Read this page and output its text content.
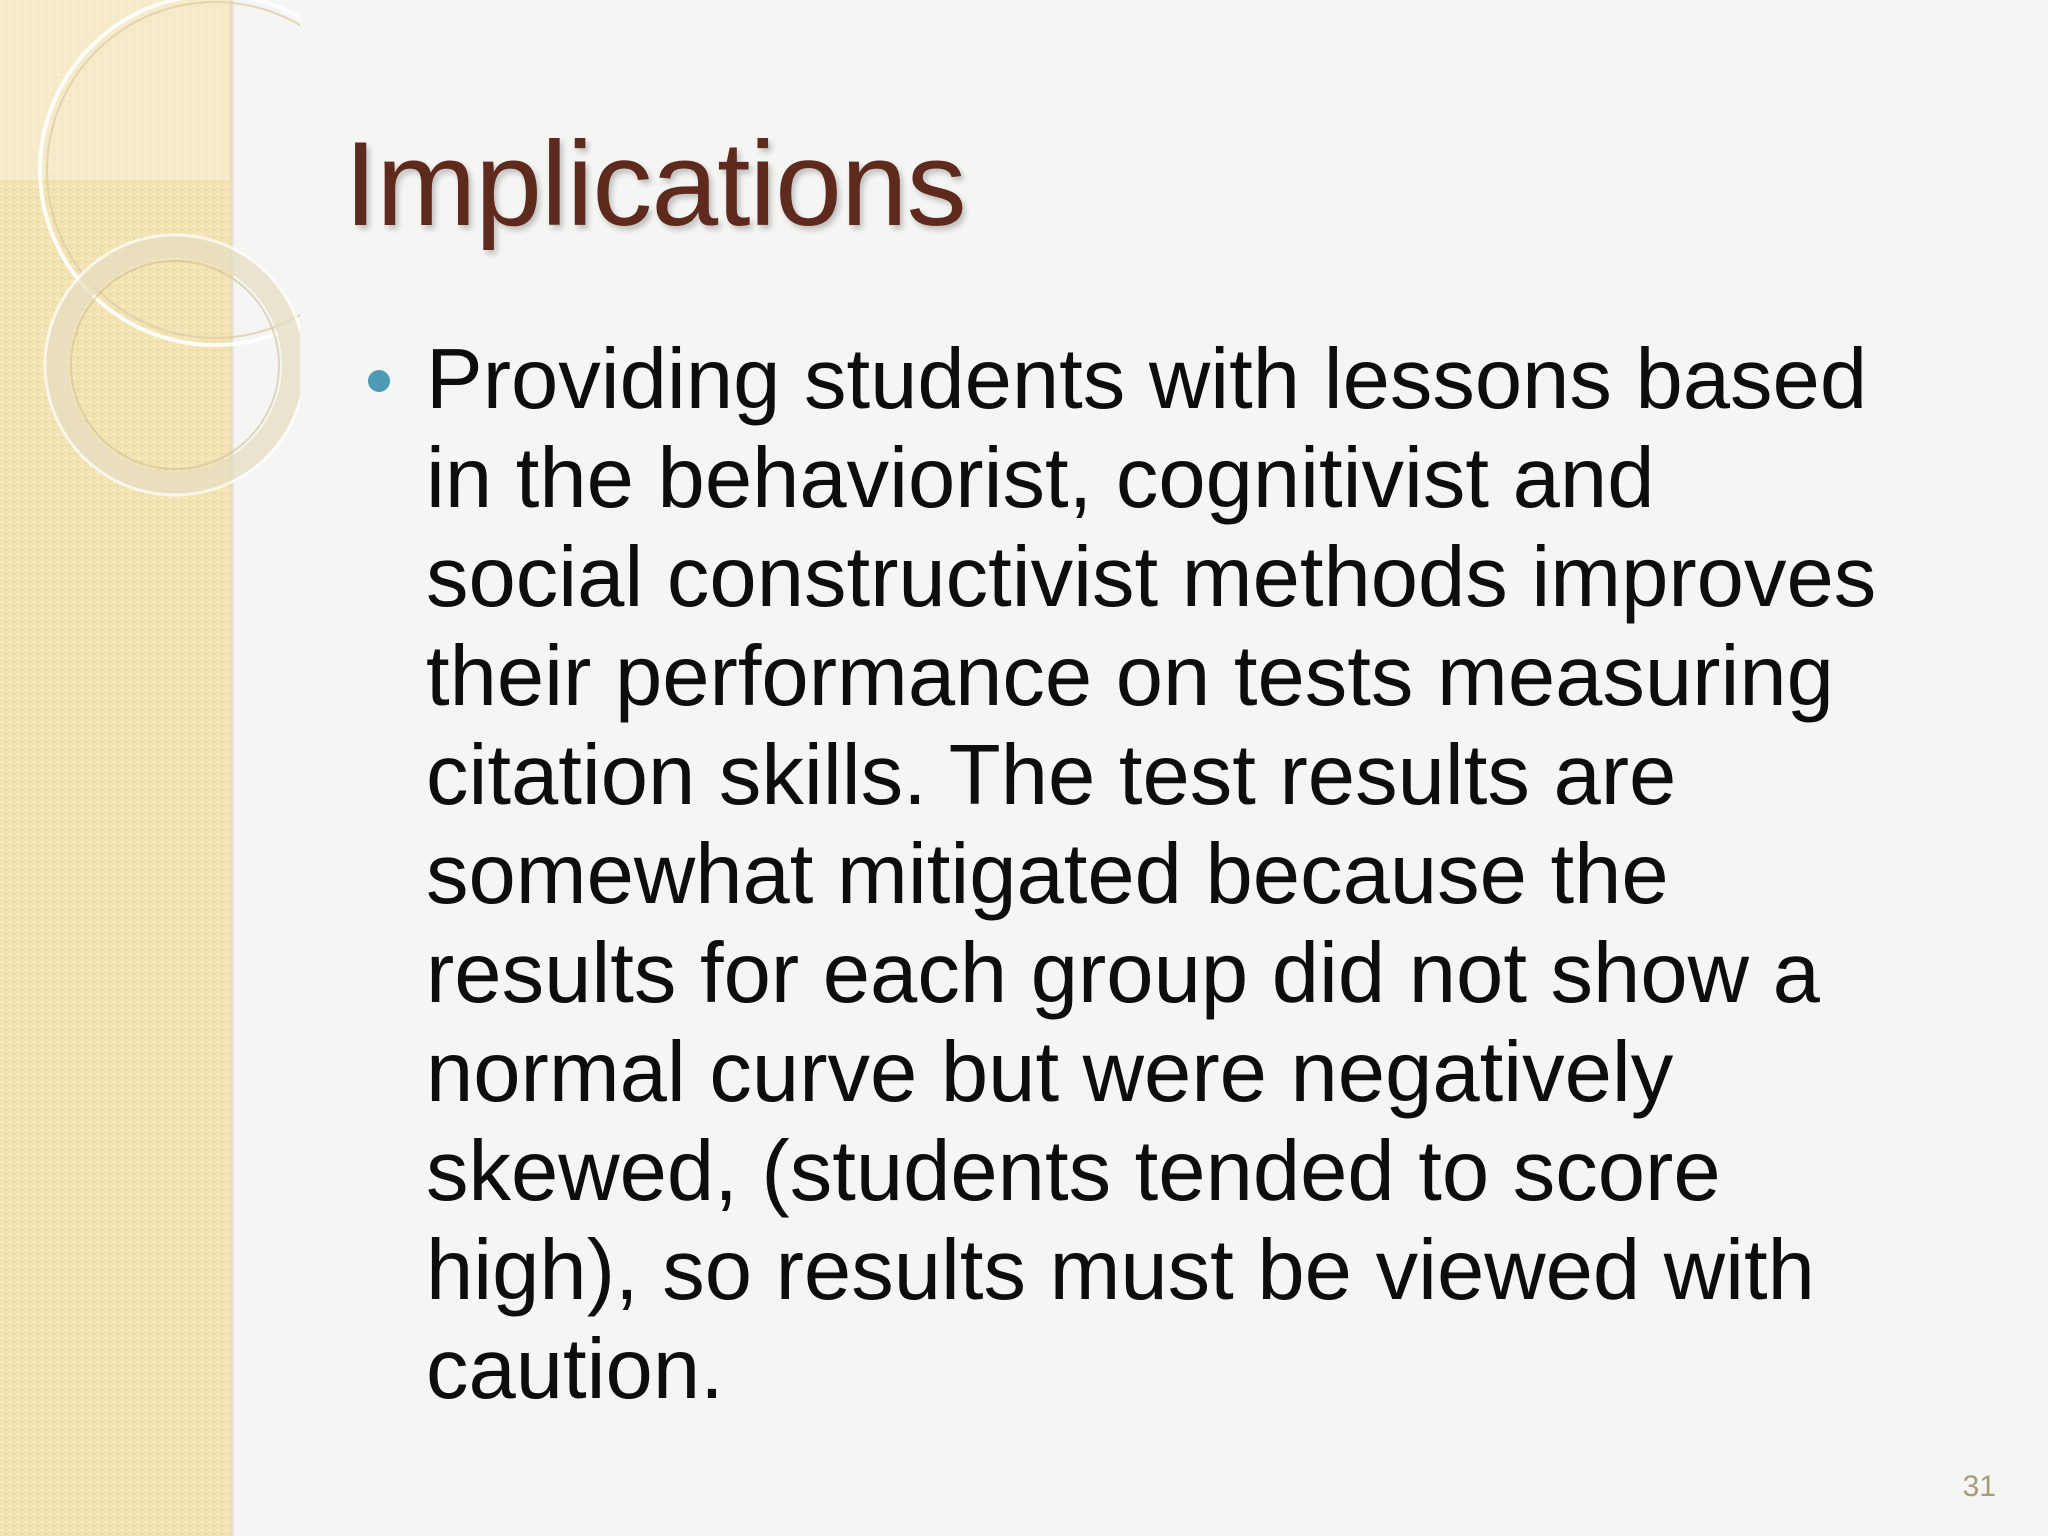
Implications
Providing students with lessons based
in the behaviorist, cognitivist and
social constructivist methods improves
their performance on tests measuring
citation skills. The test results are
somewhat mitigated because the
results for each group did not show a
normal curve but were negatively
skewed, (students tended to score
high), so results must be viewed with
caution.
31
